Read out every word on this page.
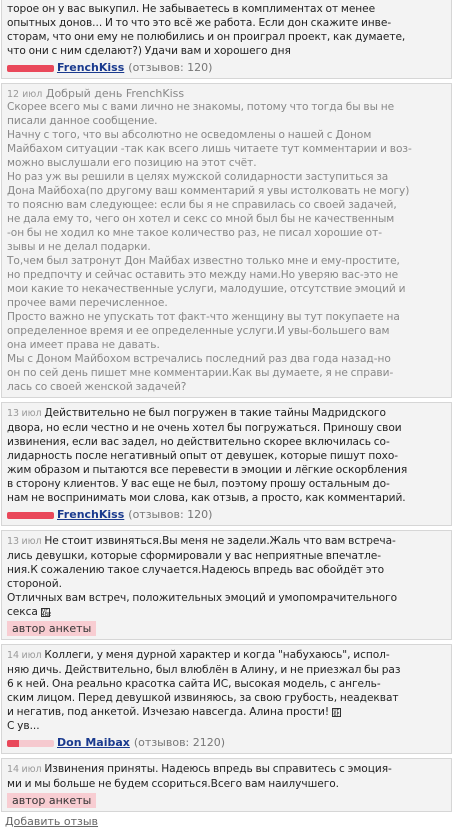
торое он у вас выкупил. Не забываетесь в комплиментах от менее

опытных донов... И то что это всё же работа. Если дон скажите инве-

сторам, что они ему не полюбились и он проиграл проект, как думаете,

что они с ним сделают?) Удачи вам и хорошего дня

FrenchKiss (отзывов: 120)
12 июл Добрый день FrenchKiss

Скорее всего мы с вами лично не знакомы, потому что тогда бы вы не

писали данное сообщение.

Начну с того, что вы абсолютно не осведомлены о нашей с Доном

Майбахом ситуации -так как всего лишь читаете тут комментарии и воз-

можно выслушали его позицию на этот счёт.

Но раз уж вы решили в целях мужской солидарности заступиться за

Дона Майбоха(по другому ваш комментарий я увы истолковать не могу)

то поясню вам следующее: если бы я не справилась со своей задачей,

не дала ему то, чего он хотел и секс со мной был бы не качественным

-он бы не ходил ко мне такое количество раз, не писал хорошие от-

зывы и не делал подарки.

То,чем был затронут Дон Майбах известно только мне и ему-простите,

но предпочту и сейчас оставить это между нами.Но уверяю вас-это не

мои какие то некачественные услуги, малодушие, отсутствие эмоций и

прочее вами перечисленное.

Просто важно не упускать тот факт-что женщину вы тут покупаете на

определенное время и ее определенные услуги.И увы-большего вам

она имеет права не давать.

Мы с Доном Майбохом встречались последний раз два года назад-но

он по сей день пишет мне комментарии.Как вы думаете, я не справи-

лась со своей женской задачей?

13 июл Действительно не был погружен в такие тайны Мадридского

двора, но если честно и не очень хотел бы погружаться. Приношу свои

извинения, если вас задел, но действительно скорее включилась со-

лидарность после негативный опыт от девушек, которые пишут похо-

жим образом и пытаются все перевести в эмоции и лёгкие оскорбления

в сторону клиентов. У вас еще не был, поэтому прошу остальным до-

нам не воспринимать мои слова, как отзыв, а просто, как комментарий.

FrenchKiss (отзывов: 120)

13 июл Не стоит извиняться.Вы меня не задели.Жаль что вам встреча-

лись девушки, которые сформировали у вас неприятные впечатле-

ния.К сожалению такое случается.Надеюсь впредь вас обойдёт это

стороной.

Отличных вам встреч, положительных эмоций и умопомрачительного

секса 0F 4BE

автор анкеты

14 июл Коллеги, у меня дурной характер и когда "набухаюсь", испол-

няю дичь. Действительно, был влюблён в Алину, и не приезжал бы раз

6 к ней. Она реально красотка сайта ИС, высокая модель, с ангель-

ским лицом. Перед девушкой извиняюсь, за свою грубость, неадекват

и негатив, под анкетой. Изчезаю навсегда. Алина прости! 0F 6F

С ув...

Don Maibax (отзывов: 2120)

14 июл Извинения приняты. Надеюсь впредь вы справитесь с эмоция-

ми и мы больше не будем ссориться.Всего вам наилучшего.

автор анкеты
Добавить отзыв
